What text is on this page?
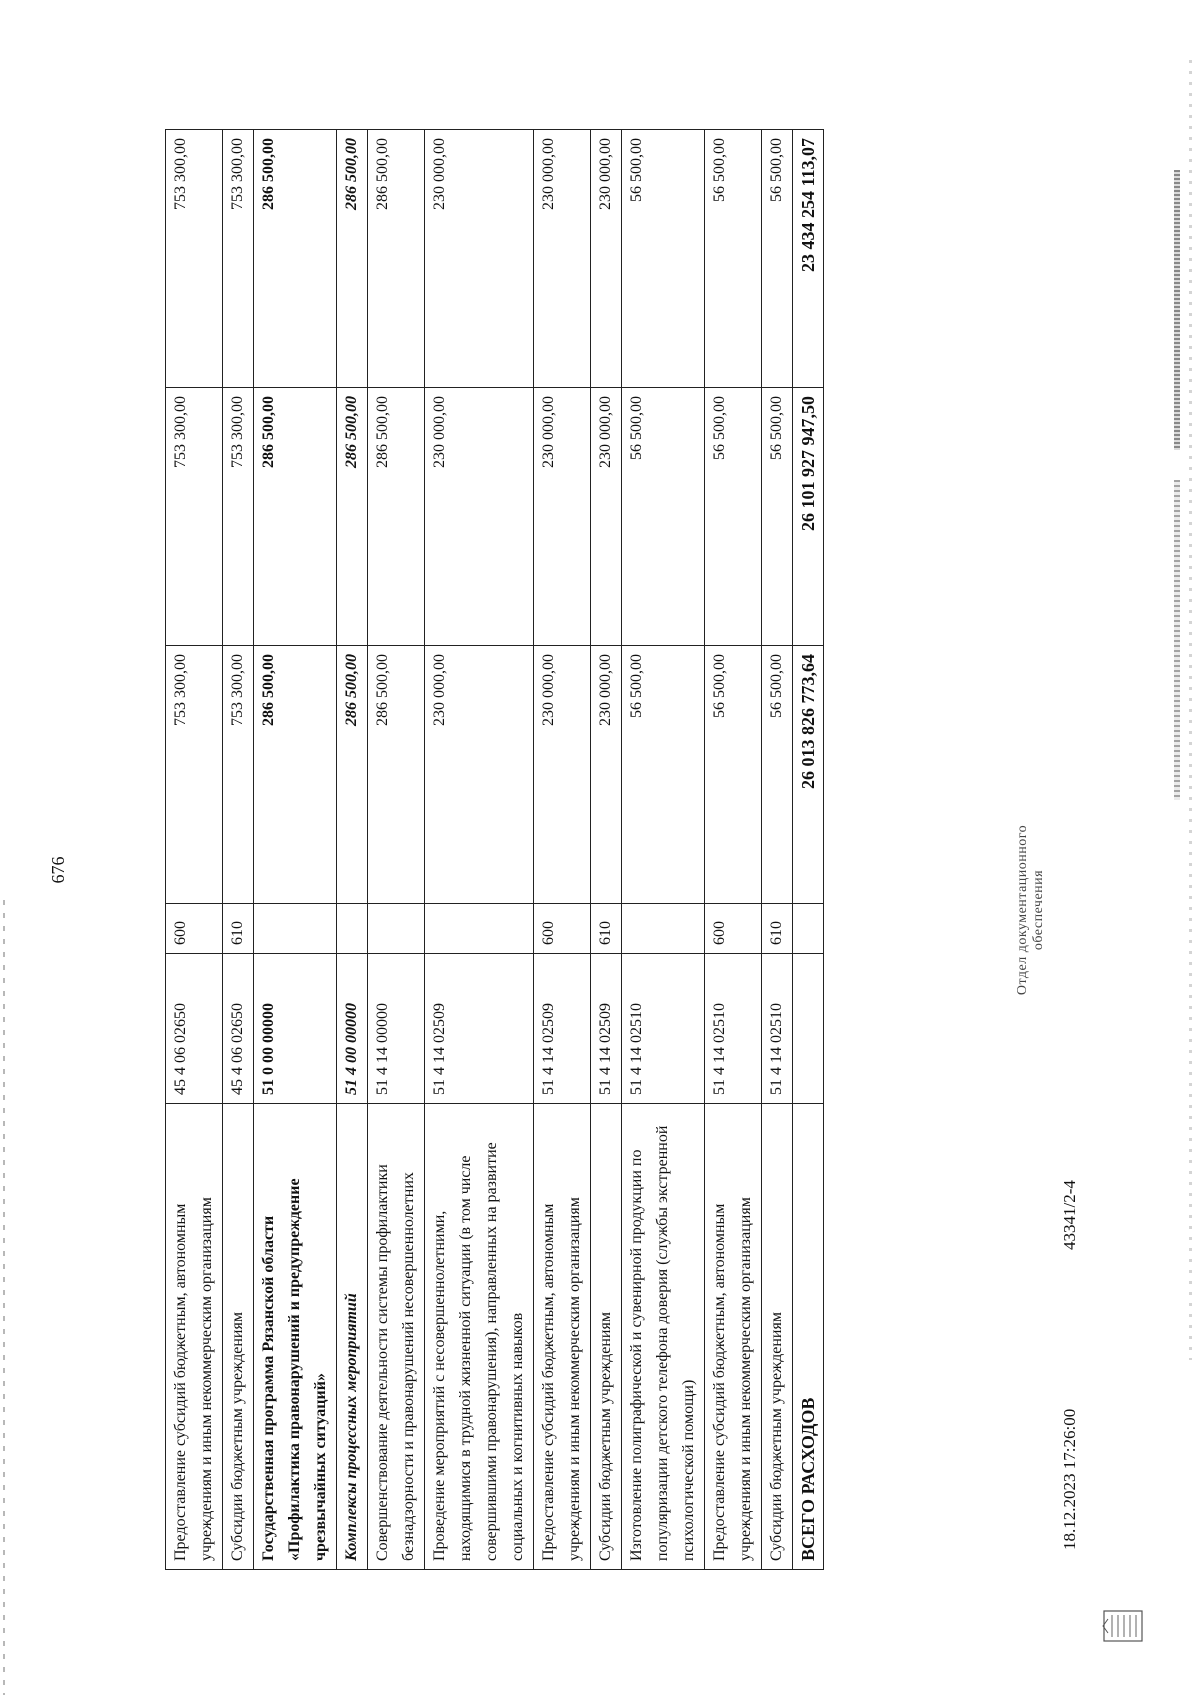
676
Предоставление субсидий бюджетным, автономным учреждениям и иным некоммерческим организациям	45 4 06 02650	600	753 300,00	753 300,00	753 300,00
Субсидии бюджетным учреждениям	45 4 06 02650	610	753 300,00	753 300,00	753 300,00
Государственная программа Рязанской области «Профилактика правонарушений и предупреждение чрезвычайных ситуаций»	51 0 00 00000		286 500,00	286 500,00	286 500,00
Комплексы процессных мероприятий	51 4 00 00000		286 500,00	286 500,00	286 500,00
Совершенствование деятельности системы профилактики безнадзорности и правонарушений несовершеннолетних	51 4 14 00000		286 500,00	286 500,00	286 500,00
Проведение мероприятий с несовершеннолетними, находящимися в трудной жизненной ситуации (в том числе совершившими правонарушения), направленных на развитие социальных и когнитивных навыков	51 4 14 02509		230 000,00	230 000,00	230 000,00
Предоставление субсидий бюджетным, автономным учреждениям и иным некоммерческим организациям	51 4 14 02509	600	230 000,00	230 000,00	230 000,00
Субсидии бюджетным учреждениям	51 4 14 02509	610	230 000,00	230 000,00	230 000,00
Изготовление полиграфической и сувенирной продукции по популяризации детского телефона доверия (службы экстренной психологической помощи)	51 4 14 02510		56 500,00	56 500,00	56 500,00
Предоставление субсидий бюджетным, автономным учреждениям и иным некоммерческим организациям	51 4 14 02510	600	56 500,00	56 500,00	56 500,00
Субсидии бюджетным учреждениям	51 4 14 02510	610	56 500,00	56 500,00	56 500,00
ВСЕГО РАСХОДОВ			26 013 826 773,64	26 101 927 947,50	23 434 254 113,07
18.12.2023 17:26:00
43341/2-4
Отдел документационного обеспечения
